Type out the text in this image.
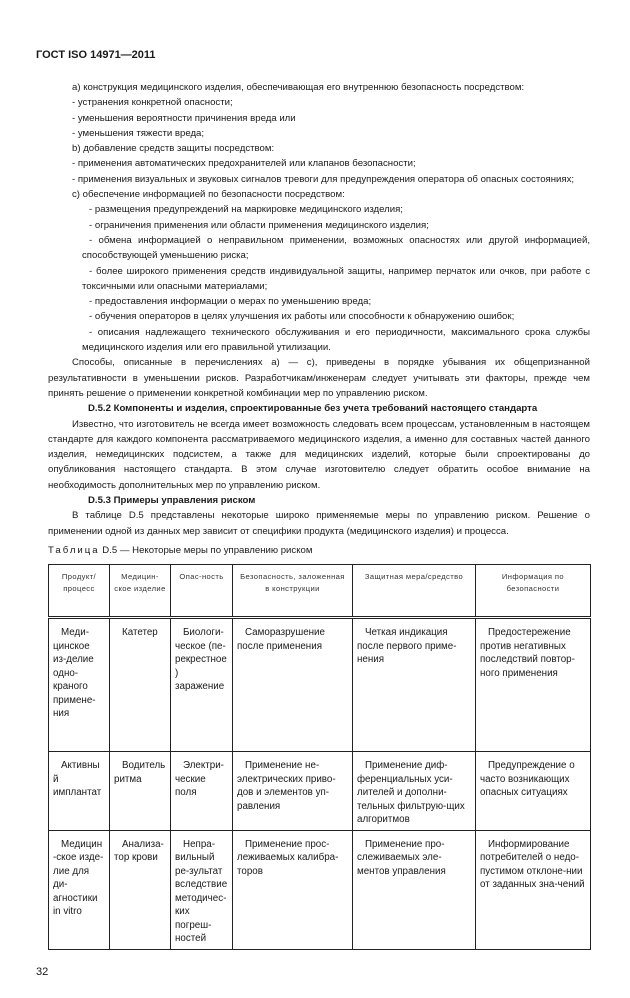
ГОСТ ISO 14971—2011

a) конструкция медицинского изделия, обеспечивающая его внутреннюю безопасность посредством:

- устранения конкретной опасности;

- уменьшения вероятности причинения вреда или

- уменьшения тяжести вреда;

b) добавление средств защиты посредством:

- применения автоматических предохранителей или клапанов безопасности;

- применения визуальных и звуковых сигналов тревоги для предупреждения оператора об опасных состояниях;

c) обеспечение информацией по безопасности посредством:

- размещения предупреждений на маркировке медицинского изделия;

- ограничения применения или области применения медицинского изделия;

- обмена информацией о неправильном применении, возможных опасностях или другой информацией, способствующей уменьшению риска;

- более широкого применения средств индивидуальной защиты, например перчаток или очков, при работе с токсичными или опасными материалами;

- предоставления информации о мерах по уменьшению вреда;

- обучения операторов в целях улучшения их работы или способности к обнаружению ошибок;

- описания надлежащего технического обслуживания и его периодичности, максимального срока службы медицинского изделия или его правильной утилизации.

Способы, описанные в перечислениях а) — с), приведены в порядке убывания их общепризнанной результативности в уменьшении рисков. Разработчикам/инженерам следует учитывать эти факторы, прежде чем принять решение о применении конкретной комбинации мер по управлению риском.

D.5.2 Компоненты и изделия, спроектированные без учета требований настоящего стандарта

Известно, что изготовитель не всегда имеет возможность следовать всем процессам, установленным в настоящем стандарте для каждого компонента рассматриваемого медицинского изделия, а именно для составных частей данного изделия, немедицинских подсистем, а также для медицинских изделий, которые были спроектированы до опубликования настоящего стандарта. В этом случае изготовителю следует обратить особое внимание на необходимость дополнительных мер по управлению риском.

D.5.3 Примеры управления риском

В таблице D.5 представлены некоторые широко применяемые меры по управлению риском. Решение о применении одной из данных мер зависит от специфики продукта (медицинского изделия) и процесса.

Таблица D.5 — Некоторые меры по управлению риском

Продукт/ процесс	Медицин-ское изделие	Опас-ность	Безопасность, заложенная в конструкции	Защитная мера/средство	Информация по безопасности
Меди-цинское из-делие одно-краного примене-ния	Катетер	Биологи-ческое (пе-рекрестное) заражение	Саморазрушение после применения	Четкая индикация после первого приме-нения	Предостережение против негативных последствий повтор-ного применения
Активный имплантат	Водитель ритма	Электри-ческие поля	Применение не-электрических приво-дов и элементов уп-равления	Применение диф-ференциальных уси-лителей и дополни-тельных фильтрую-щих алгоритмов	Предупреждение о часто возникающих опасных ситуациях
Медицин-ское изде-лие для ди-агностики in vitro	Анализа-тор крови	Непра-вильный ре-зультат вследствие методичес-ких погреш-ностей	Применение прос-леживаемых калибра-торов	Применение про-слеживаемых эле-ментов управления	Информирование потребителей о недо-пустимом отклоне-нии от заданных зна-чений
32
